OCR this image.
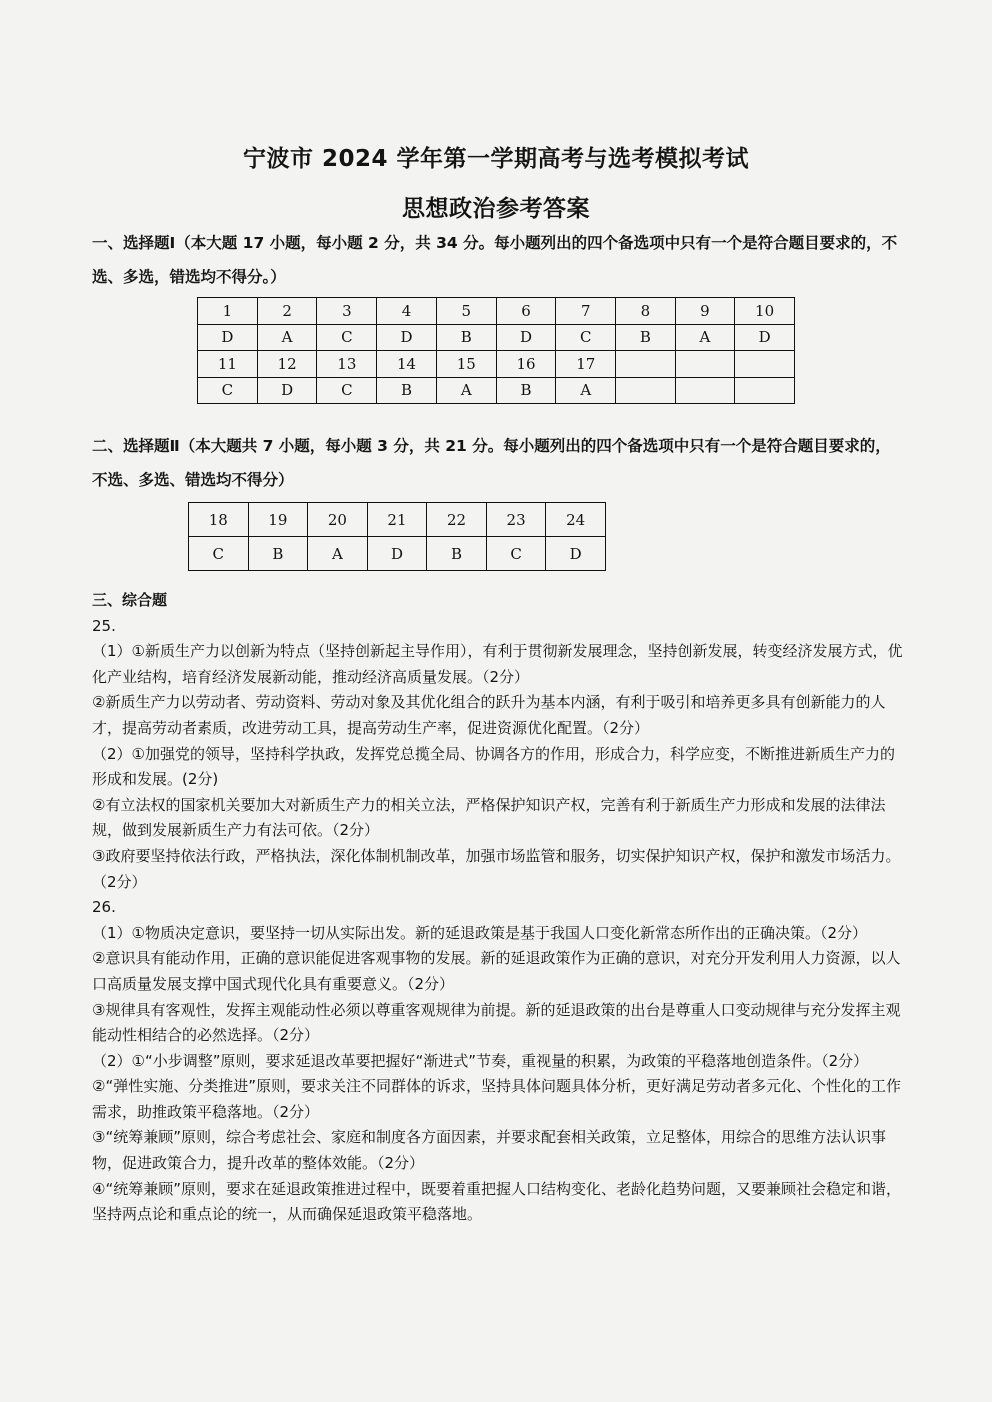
宁波市 2024 学年第一学期高考与选考模拟考试
思想政治参考答案
一、选择题Ⅰ（本大题 17 小题，每小题 2 分，共 34 分。每小题列出的四个备选项中只有一个是符合题目要求的，不选、多选，错选均不得分。）
1	2	3	4	5	6	7	8	9	10
D	A	C	D	B	D	C	B	A	D
11	12	13	14	15	16	17			
C	D	C	B	A	B	A			
二、选择题Ⅱ（本大题共 7 小题，每小题 3 分，共 21 分。每小题列出的四个备选项中只有一个是符合题目要求的，不选、多选、错选均不得分）
18	19	20	21	22	23	24
C	B	A	D	B	C	D

三、综合题

25.

（1）①新质生产力以创新为特点（坚持创新起主导作用），有利于贯彻新发展理念，坚持创新发展，转变经济发展方式，优化产业结构，培育经济发展新动能，推动经济高质量发展。（2分）

②新质生产力以劳动者、劳动资料、劳动对象及其优化组合的跃升为基本内涵，有利于吸引和培养更多具有创新能力的人才，提高劳动者素质，改进劳动工具，提高劳动生产率，促进资源优化配置。（2分）

（2）①加强党的领导，坚持科学执政，发挥党总揽全局、协调各方的作用，形成合力，科学应变，不断推进新质生产力的形成和发展。(2分)

②有立法权的国家机关要加大对新质生产力的相关立法，严格保护知识产权，完善有利于新质生产力形成和发展的法律法规，做到发展新质生产力有法可依。（2分）

③政府要坚持依法行政，严格执法，深化体制机制改革，加强市场监管和服务，切实保护知识产权，保护和激发市场活力。（2分）

26.

（1）①物质决定意识，要坚持一切从实际出发。新的延退政策是基于我国人口变化新常态所作出的正确决策。（2分）

②意识具有能动作用，正确的意识能促进客观事物的发展。新的延退政策作为正确的意识，对充分开发利用人力资源，以人口高质量发展支撑中国式现代化具有重要意义。（2分）

③规律具有客观性，发挥主观能动性必须以尊重客观规律为前提。新的延退政策的出台是尊重人口变动规律与充分发挥主观能动性相结合的必然选择。（2分）

（2）①“小步调整”原则，要求延退改革要把握好“渐进式”节奏，重视量的积累，为政策的平稳落地创造条件。（2分）

②“弹性实施、分类推进”原则，要求关注不同群体的诉求，坚持具体问题具体分析，更好满足劳动者多元化、个性化的工作需求，助推政策平稳落地。（2分）

③“统筹兼顾”原则，综合考虑社会、家庭和制度各方面因素，并要求配套相关政策，立足整体，用综合的思维方法认识事物，促进政策合力，提升改革的整体效能。（2分）

④“统筹兼顾”原则，要求在延退政策推进过程中，既要着重把握人口结构变化、老龄化趋势问题，又要兼顾社会稳定和谐，坚持两点论和重点论的统一，从而确保延退政策平稳落地。
